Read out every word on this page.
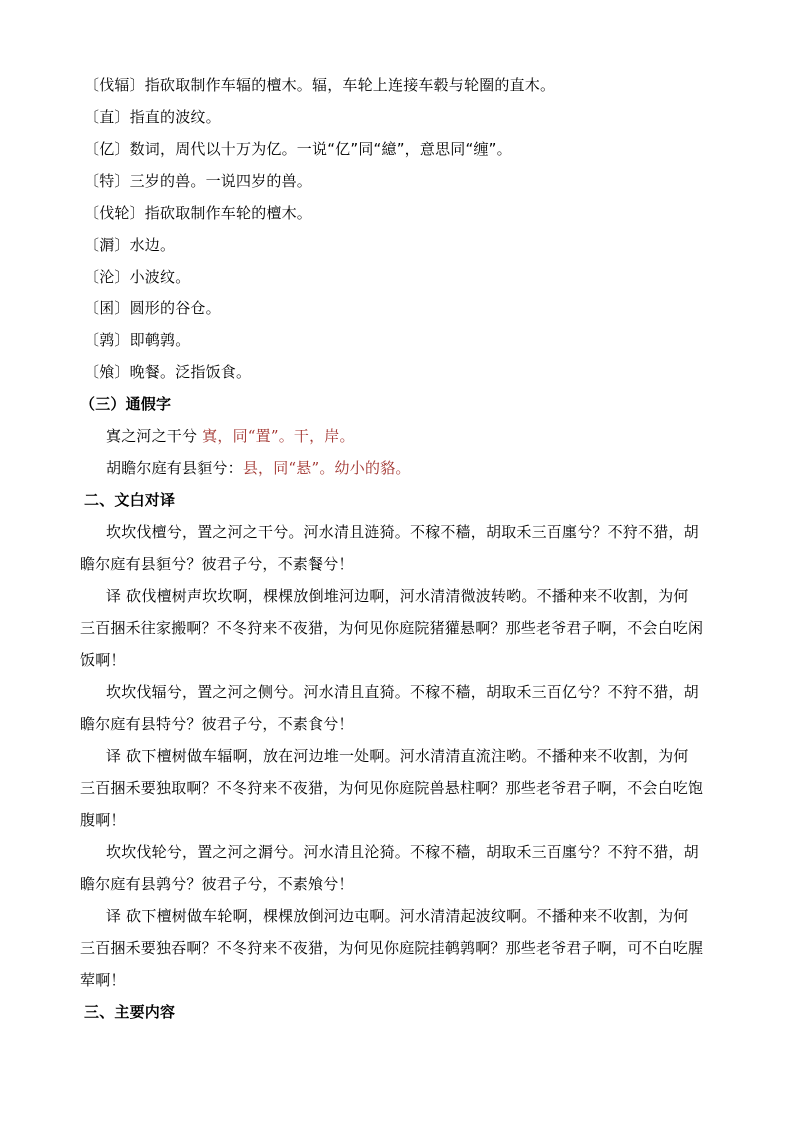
〔伐辐〕指砍取制作车辐的檀木。辐，车轮上连接车毂与轮圈的直木。
〔直〕指直的波纹。
〔亿〕数词，周代以十万为亿。一说“亿”同“繶”，意思同“缠”。
〔特〕三岁的兽。一说四岁的兽。
〔伐轮〕指砍取制作车轮的檀木。
〔漘〕水边。
〔沦〕小波纹。
〔囷〕圆形的谷仓。
〔鹑〕即鹌鹑。
〔飧〕晚餐。泛指饭食。
（三）通假字
寘之河之干兮 寘，同“置”。干，岸。
胡瞻尔庭有县貆兮：县，同“悬”。幼小的貉。
二、文白对译
坎坎伐檀兮，置之河之干兮。河水清且涟猗。不稼不穑，胡取禾三百廛兮？不狩不猎，胡
瞻尔庭有县貆兮？彼君子兮，不素餐兮！
译 砍伐檀树声坎坎啊，棵棵放倒堆河边啊，河水清清微波转哟。不播种来不收割，为何
三百捆禾往家搬啊？不冬狩来不夜猎，为何见你庭院猪獾悬啊？那些老爷君子啊，不会白吃闲
饭啊！
坎坎伐辐兮，置之河之侧兮。河水清且直猗。不稼不穑，胡取禾三百亿兮？不狩不猎，胡
瞻尔庭有县特兮？彼君子兮，不素食兮！
译 砍下檀树做车辐啊，放在河边堆一处啊。河水清清直流注哟。不播种来不收割，为何
三百捆禾要独取啊？不冬狩来不夜猎，为何见你庭院兽悬柱啊？那些老爷君子啊，不会白吃饱
腹啊！
坎坎伐轮兮，置之河之漘兮。河水清且沦猗。不稼不穑，胡取禾三百廛兮？不狩不猎，胡
瞻尔庭有县鹑兮？彼君子兮，不素飧兮！
译 砍下檀树做车轮啊，棵棵放倒河边屯啊。河水清清起波纹啊。不播种来不收割，为何
三百捆禾要独吞啊？不冬狩来不夜猎，为何见你庭院挂鹌鹑啊？那些老爷君子啊，可不白吃腥
荤啊！
三、主要内容
